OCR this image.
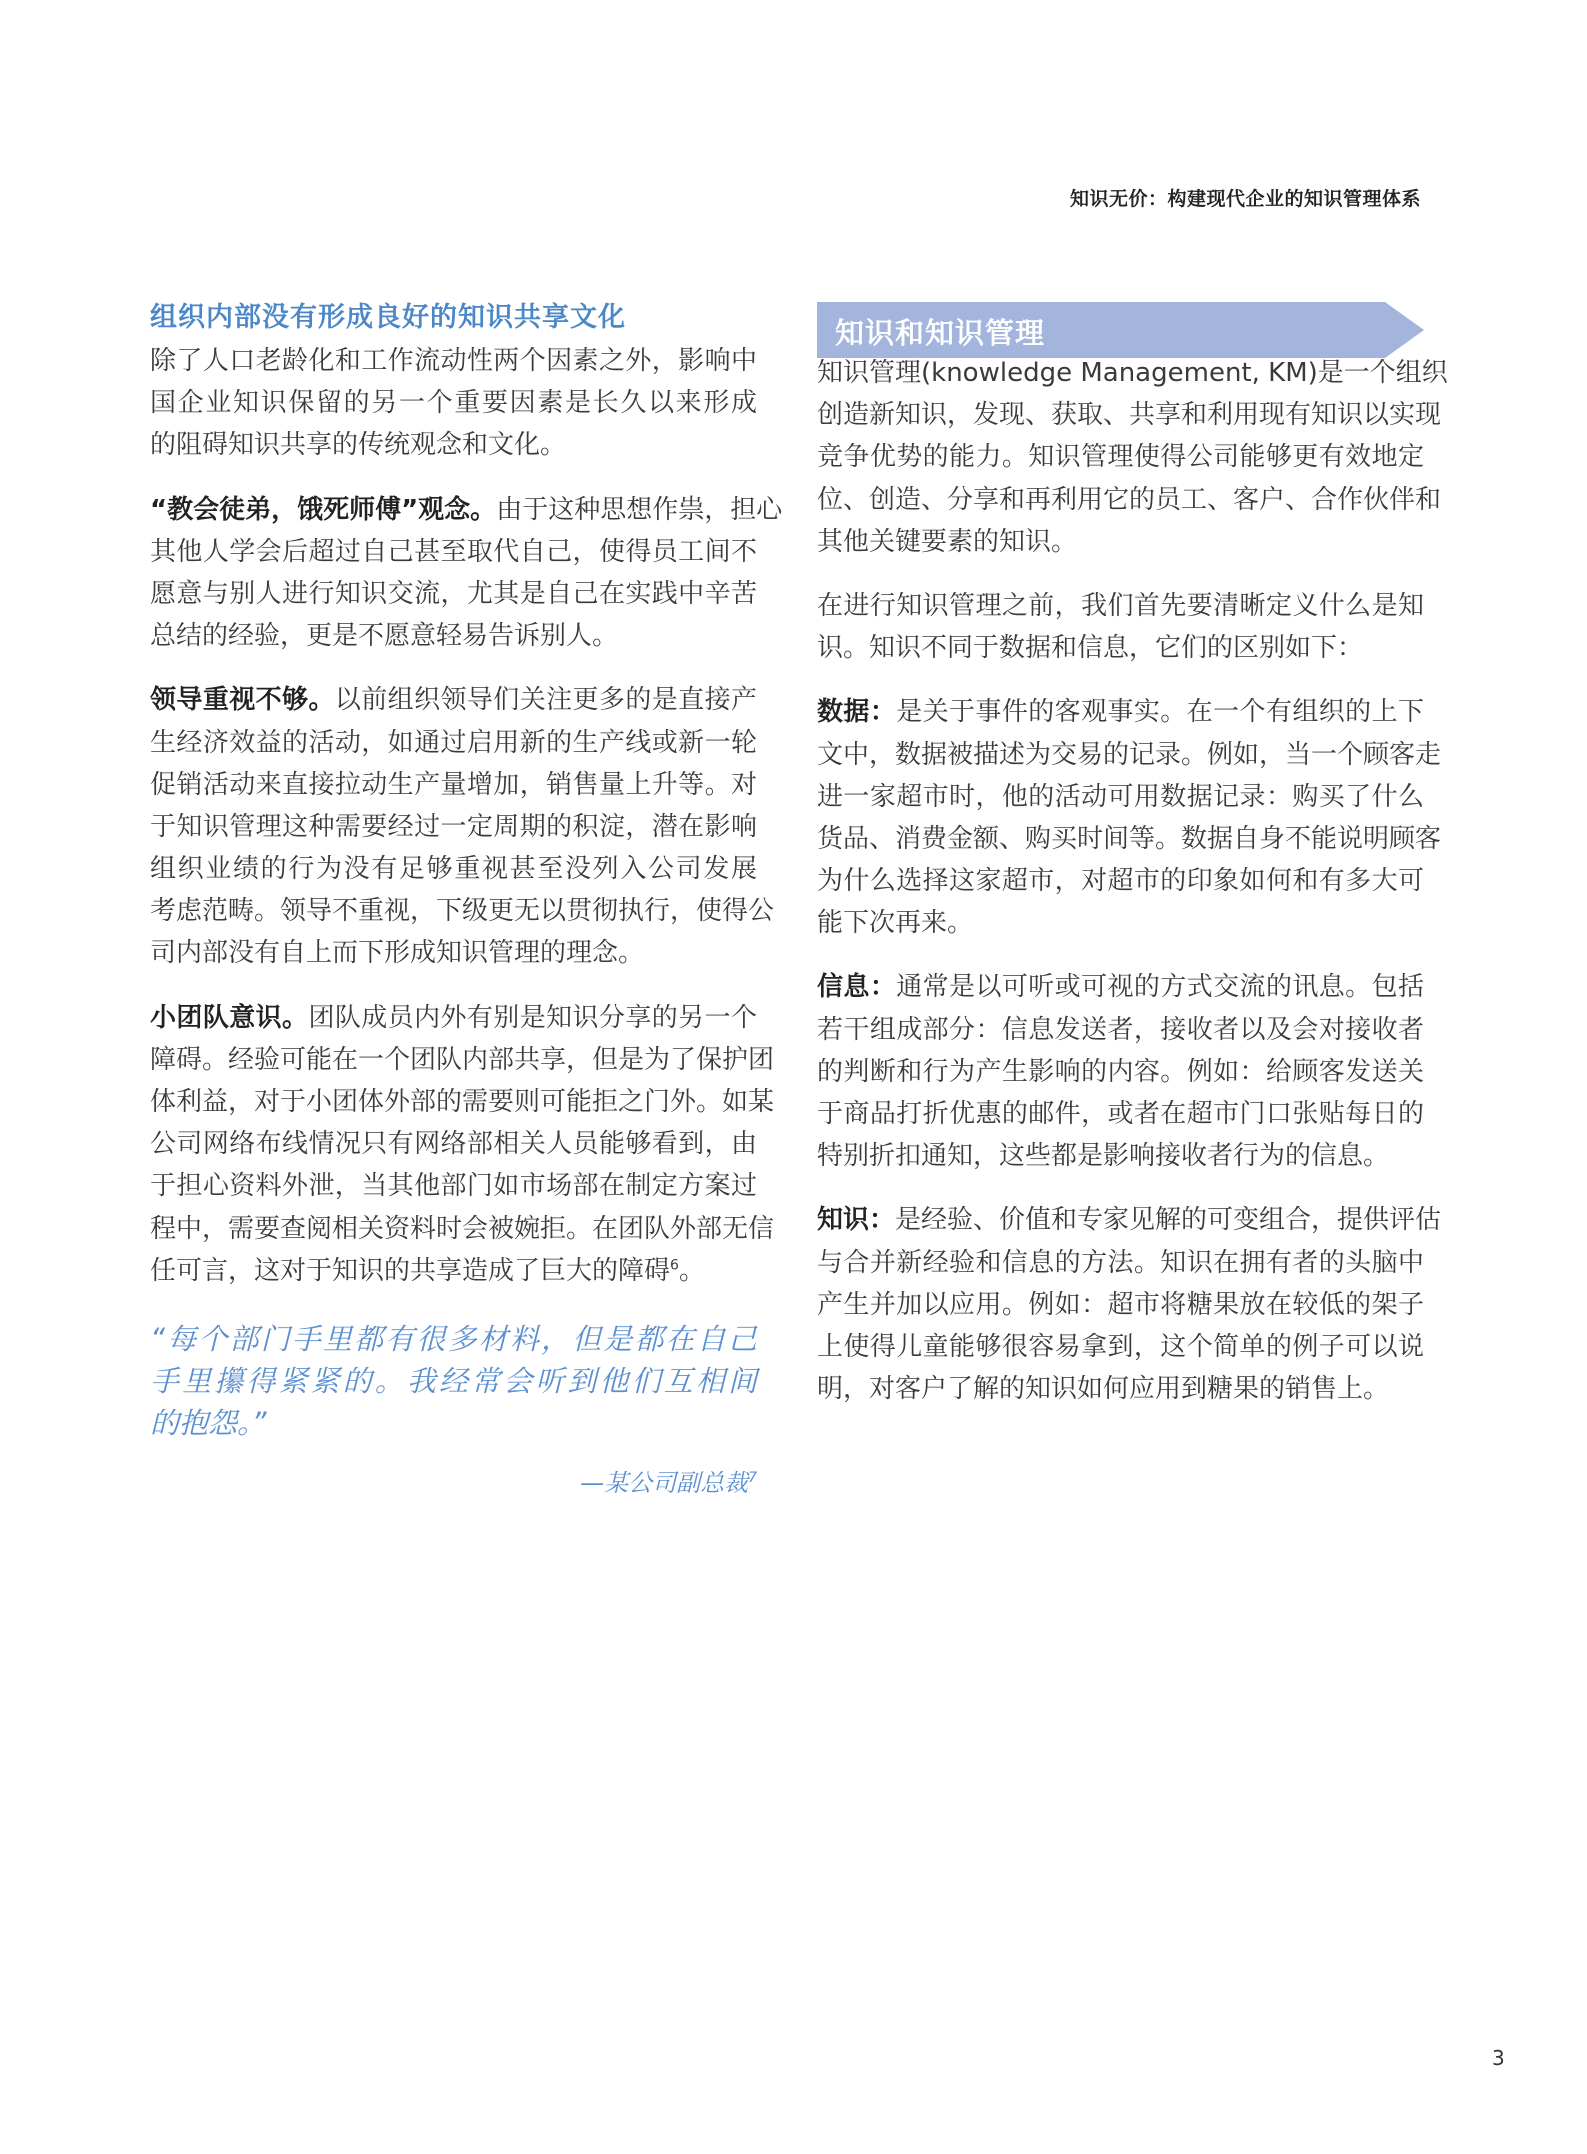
知识无价：构建现代企业的知识管理体系
组织内部没有形成良好的知识共享文化
除了人口老龄化和工作流动性两个因素之外，影响中
国企业知识保留的另一个重要因素是长久以来形成
的阻碍知识共享的传统观念和文化。
“教会徒弟，饿死师傅”观念。由于这种思想作祟，担心
其他人学会后超过自己甚至取代自己，使得员工间不
愿意与别人进行知识交流，尤其是自己在实践中辛苦
总结的经验，更是不愿意轻易告诉别人。
领导重视不够。以前组织领导们关注更多的是直接产
生经济效益的活动，如通过启用新的生产线或新一轮
促销活动来直接拉动生产量增加，销售量上升等。对
于知识管理这种需要经过一定周期的积淀，潜在影响
组织业绩的行为没有足够重视甚至没列入公司发展
考虑范畴。领导不重视，下级更无以贯彻执行，使得公
司内部没有自上而下形成知识管理的理念。
小团队意识。团队成员内外有别是知识分享的另一个
障碍。经验可能在一个团队内部共享，但是为了保护团
体利益，对于小团体外部的需要则可能拒之门外。如某
公司网络布线情况只有网络部相关人员能够看到，由
于担心资料外泄，当其他部门如市场部在制定方案过
程中，需要查阅相关资料时会被婉拒。在团队外部无信
任可言，这对于知识的共享造成了巨大的障碍$^6$。
“每个部门手里都有很多材料，但是都在自己
手里攥得紧紧的。我经常会听到他们互相间
的抱怨。”
—某公司副总裁$^7$
知识和知识管理
知识管理(knowledge Management, KM)是一个组织
创造新知识，发现、获取、共享和利用现有知识以实现
竞争优势的能力。知识管理使得公司能够更有效地定
位、创造、分享和再利用它的员工、客户、合作伙伴和
其他关键要素的知识。
在进行知识管理之前，我们首先要清晰定义什么是知
识。知识不同于数据和信息，它们的区别如下：
数据：是关于事件的客观事实。在一个有组织的上下
文中，数据被描述为交易的记录。例如，当一个顾客走
进一家超市时，他的活动可用数据记录：购买了什么
货品、消费金额、购买时间等。数据自身不能说明顾客
为什么选择这家超市，对超市的印象如何和有多大可
能下次再来。
信息：通常是以可听或可视的方式交流的讯息。包括
若干组成部分：信息发送者，接收者以及会对接收者
的判断和行为产生影响的内容。例如：给顾客发送关
于商品打折优惠的邮件，或者在超市门口张贴每日的
特别折扣通知，这些都是影响接收者行为的信息。
知识：是经验、价值和专家见解的可变组合，提供评估
与合并新经验和信息的方法。知识在拥有者的头脑中
产生并加以应用。例如：超市将糖果放在较低的架子
上使得儿童能够很容易拿到，这个简单的例子可以说
明，对客户了解的知识如何应用到糖果的销售上。
3
